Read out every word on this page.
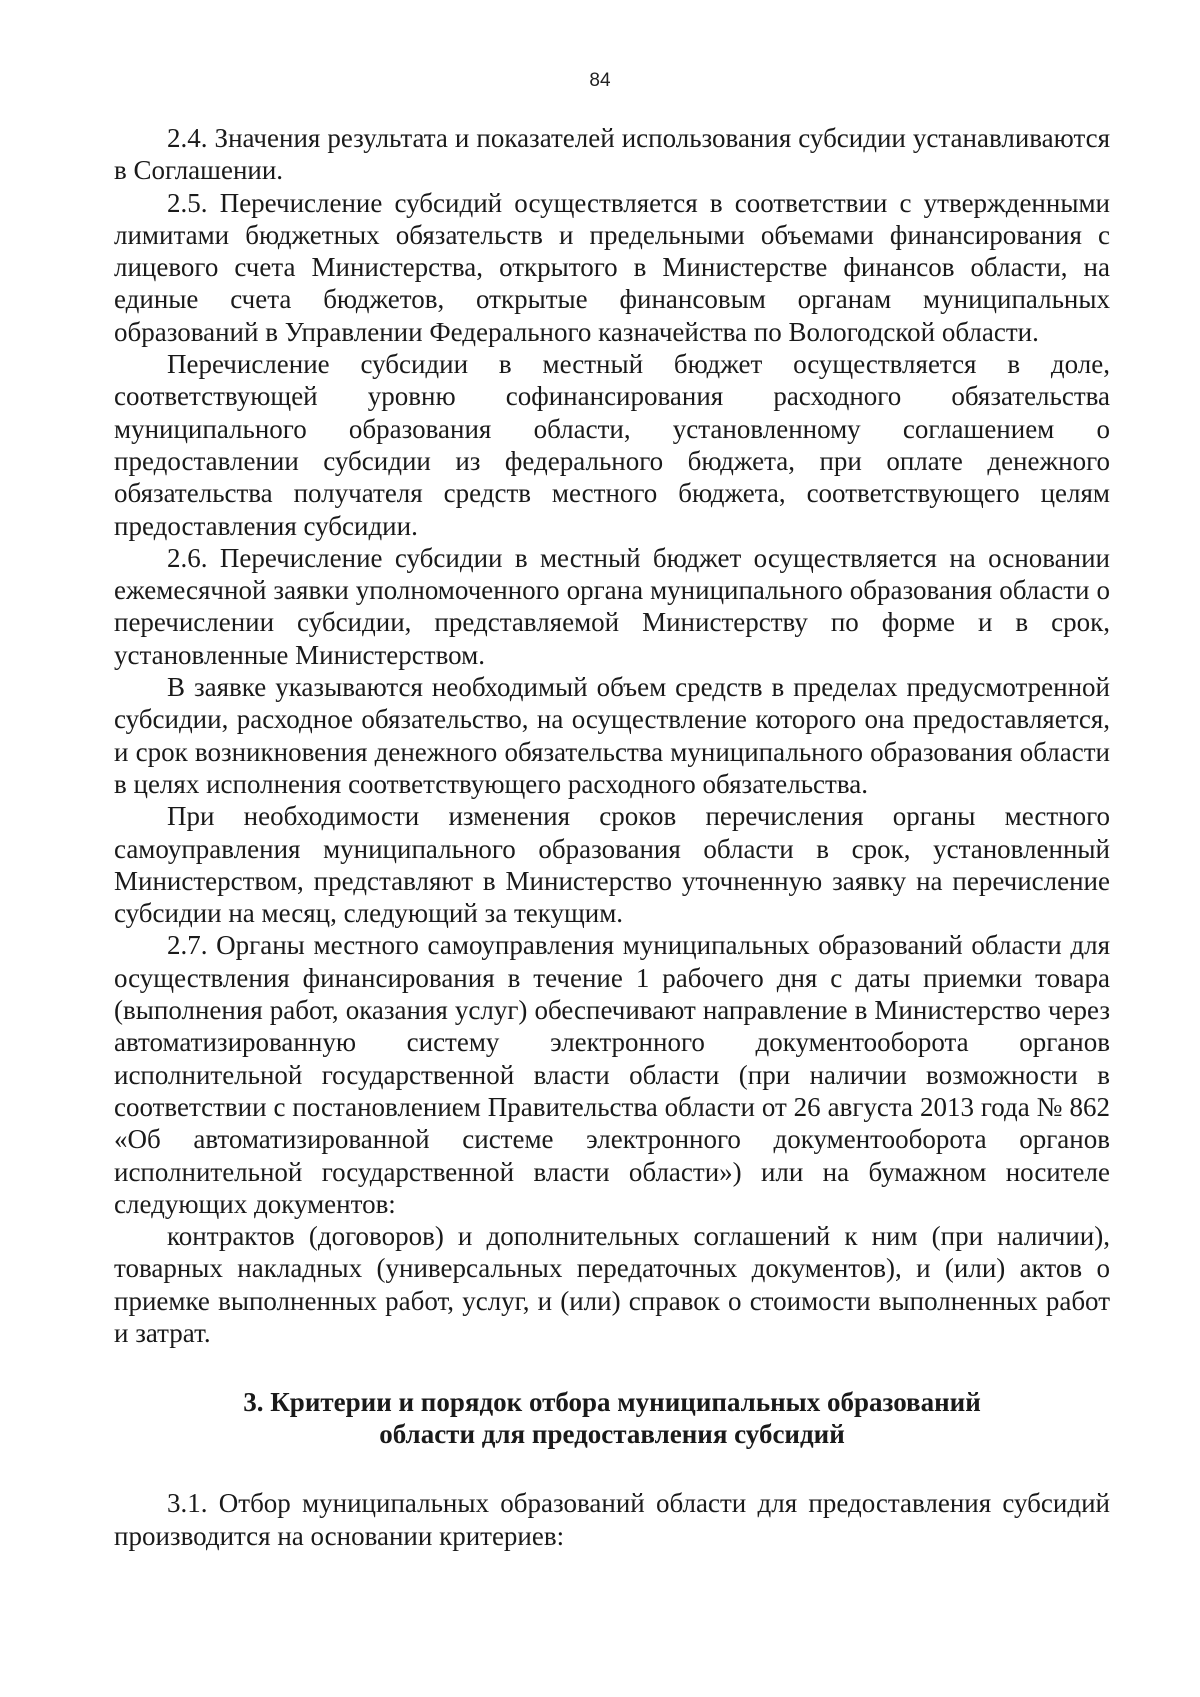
84

2.4. Значения результата и показателей использования субсидии устанавливаются в Соглашении.

2.5. Перечисление субсидий осуществляется в соответствии с утвержденными лимитами бюджетных обязательств и предельными объемами финансирования с лицевого счета Министерства, открытого в Министерстве финансов области, на единые счета бюджетов, открытые финансовым органам муниципальных образований в Управлении Федерального казначейства по Вологодской области.

Перечисление субсидии в местный бюджет осуществляется в доле, соответствующей уровню софинансирования расходного обязательства муниципального образования области, установленному соглашением о предоставлении субсидии из федерального бюджета, при оплате денежного обязательства получателя средств местного бюджета, соответствующего целям предоставления субсидии.

2.6. Перечисление субсидии в местный бюджет осуществляется на основании ежемесячной заявки уполномоченного органа муниципального образования области о перечислении субсидии, представляемой Министерству по форме и в срок, установленные Министерством.

В заявке указываются необходимый объем средств в пределах предусмотренной субсидии, расходное обязательство, на осуществление которого она предоставляется, и срок возникновения денежного обязательства муниципального образования области в целях исполнения соответствующего расходного обязательства.

При необходимости изменения сроков перечисления органы местного самоуправления муниципального образования области в срок, установленный Министерством, представляют в Министерство уточненную заявку на перечисление субсидии на месяц, следующий за текущим.

2.7. Органы местного самоуправления муниципальных образований области для осуществления финансирования в течение 1 рабочего дня с даты приемки товара (выполнения работ, оказания услуг) обеспечивают направление в Министерство через автоматизированную систему электронного документооборота органов исполнительной государственной власти области (при наличии возможности в соответствии с постановлением Правительства области от 26 августа 2013 года № 862 «Об автоматизированной системе электронного документооборота органов исполнительной государственной власти области») или на бумажном носителе следующих документов:

контрактов (договоров) и дополнительных соглашений к ним (при наличии), товарных накладных (универсальных передаточных документов), и (или) актов о приемке выполненных работ, услуг, и (или) справок о стоимости выполненных работ и затрат.

3. Критерии и порядок отбора муниципальных образований
области для предоставления субсидий

3.1. Отбор муниципальных образований области для предоставления субсидий производится на основании критериев:
